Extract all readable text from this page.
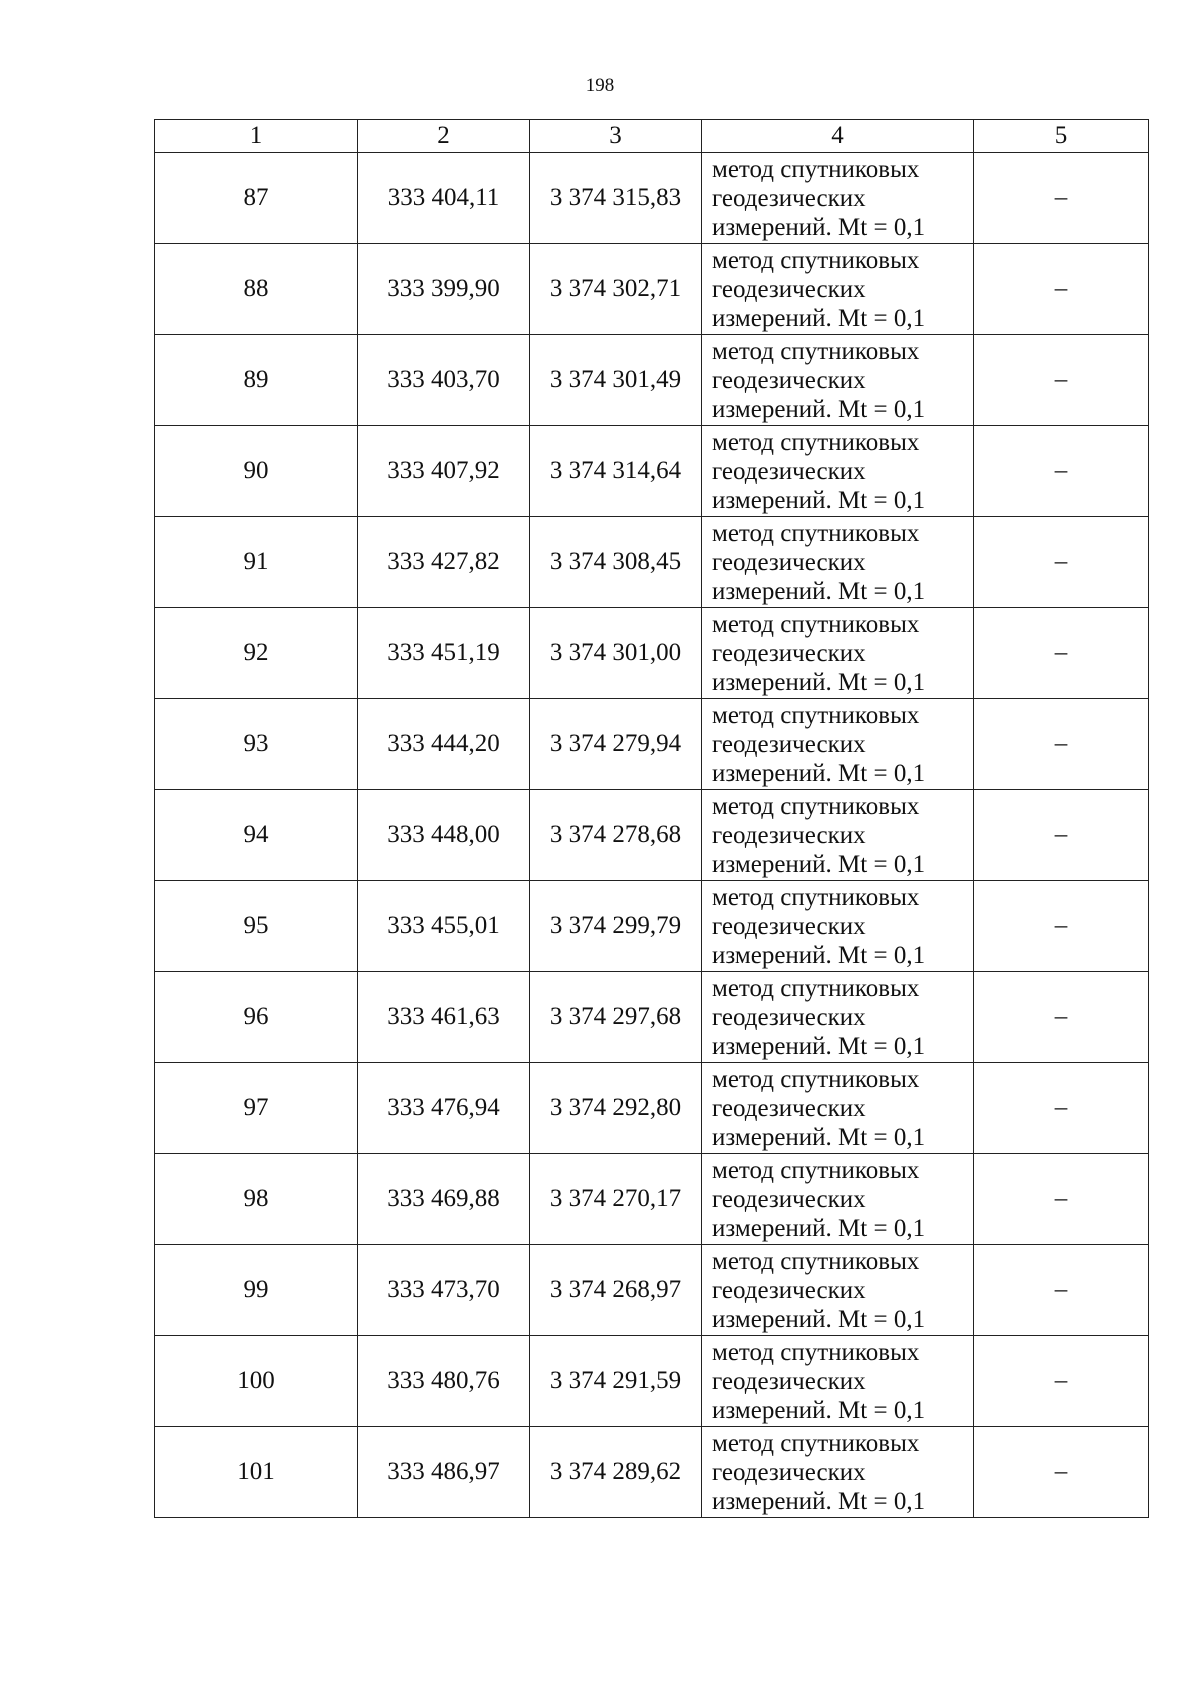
198
1	2	3	4	5
87	333 404,11	3 374 315,83	метод спутниковых
геодезических
измерений. Mt = 0,1	–
88	333 399,90	3 374 302,71	метод спутниковых
геодезических
измерений. Mt = 0,1	–
89	333 403,70	3 374 301,49	метод спутниковых
геодезических
измерений. Mt = 0,1	–
90	333 407,92	3 374 314,64	метод спутниковых
геодезических
измерений. Mt = 0,1	–
91	333 427,82	3 374 308,45	метод спутниковых
геодезических
измерений. Mt = 0,1	–
92	333 451,19	3 374 301,00	метод спутниковых
геодезических
измерений. Mt = 0,1	–
93	333 444,20	3 374 279,94	метод спутниковых
геодезических
измерений. Mt = 0,1	–
94	333 448,00	3 374 278,68	метод спутниковых
геодезических
измерений. Mt = 0,1	–
95	333 455,01	3 374 299,79	метод спутниковых
геодезических
измерений. Mt = 0,1	–
96	333 461,63	3 374 297,68	метод спутниковых
геодезических
измерений. Mt = 0,1	–
97	333 476,94	3 374 292,80	метод спутниковых
геодезических
измерений. Mt = 0,1	–
98	333 469,88	3 374 270,17	метод спутниковых
геодезических
измерений. Mt = 0,1	–
99	333 473,70	3 374 268,97	метод спутниковых
геодезических
измерений. Mt = 0,1	–
100	333 480,76	3 374 291,59	метод спутниковых
геодезических
измерений. Mt = 0,1	–
101	333 486,97	3 374 289,62	метод спутниковых
геодезических
измерений. Mt = 0,1	–
